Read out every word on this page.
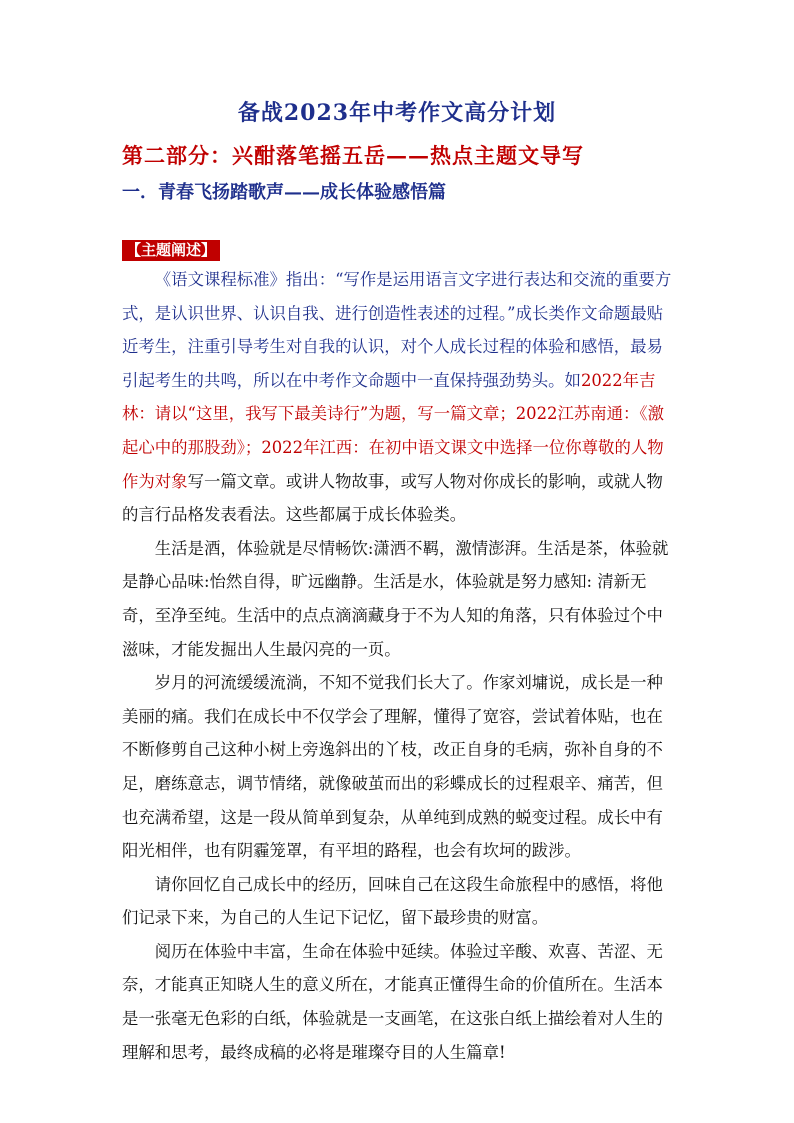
备战2023年中考作文高分计划
第二部分：兴酣落笔摇五岳——热点主题文导写
一．青春飞扬踏歌声——成长体验感悟篇
【主题阐述】

《语文课程标准》指出：“写作是运用语言文字进行表达和交流的重要方式，是认识世界、认识自我、进行创造性表述的过程。”成长类作文命题最贴近考生，注重引导考生对自我的认识，对个人成长过程的体验和感悟，最易引起考生的共鸣，所以在中考作文命题中一直保持强劲势头。如2022年吉林：请以“这里，我写下最美诗行”为题，写一篇文章；2022江苏南通：《激起心中的那股劲》；2022年江西：在初中语文课文中选择一位你尊敬的人物作为对象写一篇文章。或讲人物故事，或写人物对你成长的影响，或就人物的言行品格发表看法。这些都属于成长体验类。

生活是酒，体验就是尽情畅饮:潇洒不羁，激情澎湃。生活是茶，体验就是静心品味:怡然自得，旷远幽静。生活是水，体验就是努力感知: 清新无奇，至净至纯。生活中的点点滴滴藏身于不为人知的角落，只有体验过个中滋味，才能发掘出人生最闪亮的一页。

岁月的河流缓缓流淌，不知不觉我们长大了。作家刘墉说，成长是一种美丽的痛。我们在成长中不仅学会了理解，懂得了宽容，尝试着体贴，也在不断修剪自己这种小树上旁逸斜出的丫枝，改正自身的毛病，弥补自身的不足，磨练意志，调节情绪，就像破茧而出的彩蝶成长的过程艰辛、痛苦，但也充满希望，这是一段从简单到复杂，从单纯到成熟的蜕变过程。成长中有阳光相伴，也有阴霾笼罩，有平坦的路程，也会有坎坷的跋涉。

请你回忆自己成长中的经历，回味自己在这段生命旅程中的感悟，将他们记录下来，为自己的人生记下记忆，留下最珍贵的财富。

阅历在体验中丰富，生命在体验中延续。体验过辛酸、欢喜、苦涩、无奈，才能真正知晓人生的意义所在，才能真正懂得生命的价值所在。生活本是一张毫无色彩的白纸，体验就是一支画笔，在这张白纸上描绘着对人生的理解和思考，最终成稿的必将是璀璨夺目的人生篇章!
